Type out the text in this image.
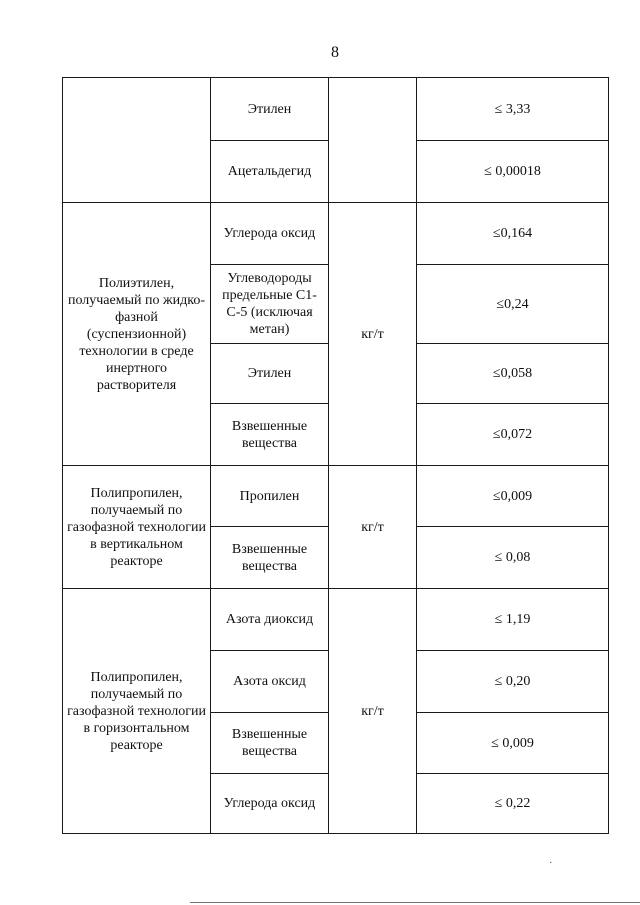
8
	Этилен		≤ 3,33
	Ацетальдегид		≤ 0,00018
Полиэтилен, получаемый по жидко-фазной (суспензионной) технологии в среде инертного растворителя	Углерода оксид	кг/т	≤0,164
	Углеводороды предельные С1-С-5 (исключая метан)		≤0,24
	Этилен		≤0,058
	Взвешенные вещества		≤0,072
Полипропилен, получаемый по газофазной технологии в вертикальном реакторе	Пропилен	кг/т	≤0,009
	Взвешенные вещества		≤ 0,08
Полипропилен, получаемый по газофазной технологии в горизонтальном реакторе	Азота диоксид	кг/т	≤ 1,19
	Азота оксид		≤ 0,20
	Взвешенные вещества		≤ 0,009
	Углерода оксид		≤ 0,22
·
